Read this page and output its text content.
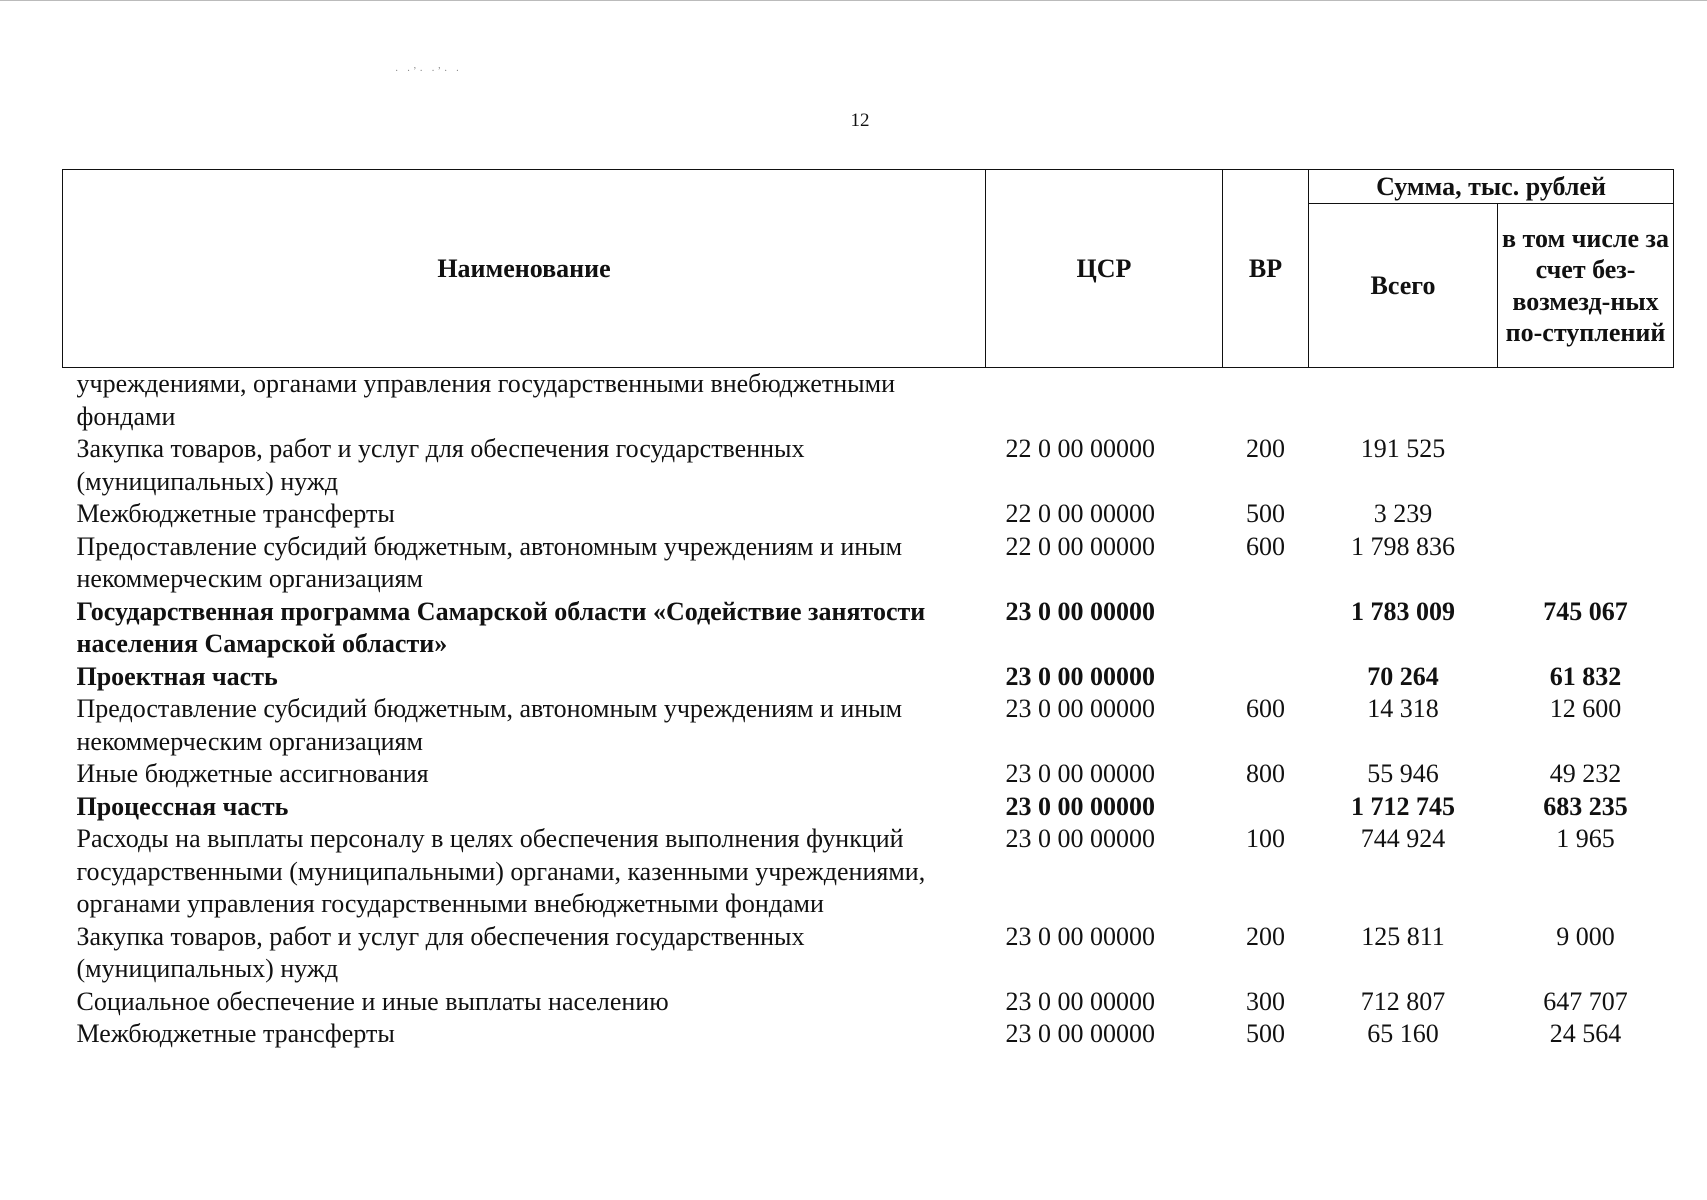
· ·ʼ· ·ʼ· ·
12
Наименование	ЦСР	ВР	Сумма, тыс. рублей	
			Всего	в том числе за счет без-возмезд-ных по-ступлений
учреждениями, органами управления государственными внебюджетными фондами				
Закупка товаров, работ и услуг для обеспечения государственных (муниципальных) нужд	22 0 00 00000	200	191 525	
Межбюджетные трансферты	22 0 00 00000	500	3 239	
Предоставление субсидий бюджетным, автономным учреждениям и иным некоммерческим организациям	22 0 00 00000	600	1 798 836	
Государственная программа Самарской области «Содействие занятости населения Самарской области»	23 0 00 00000		1 783 009	745 067
Проектная часть	23 0 00 00000		70 264	61 832
Предоставление субсидий бюджетным, автономным учреждениям и иным некоммерческим организациям	23 0 00 00000	600	14 318	12 600
Иные бюджетные ассигнования	23 0 00 00000	800	55 946	49 232
Процессная часть	23 0 00 00000		1 712 745	683 235
Расходы на выплаты персоналу в целях обеспечения выполнения функций государственными (муниципальными) органами, казенными учреждениями, органами управления государственными внебюджетными фондами	23 0 00 00000	100	744 924	1 965
Закупка товаров, работ и услуг для обеспечения государственных (муниципальных) нужд	23 0 00 00000	200	125 811	9 000
Социальное обеспечение и иные выплаты населению	23 0 00 00000	300	712 807	647 707
Межбюджетные трансферты	23 0 00 00000	500	65 160	24 564
